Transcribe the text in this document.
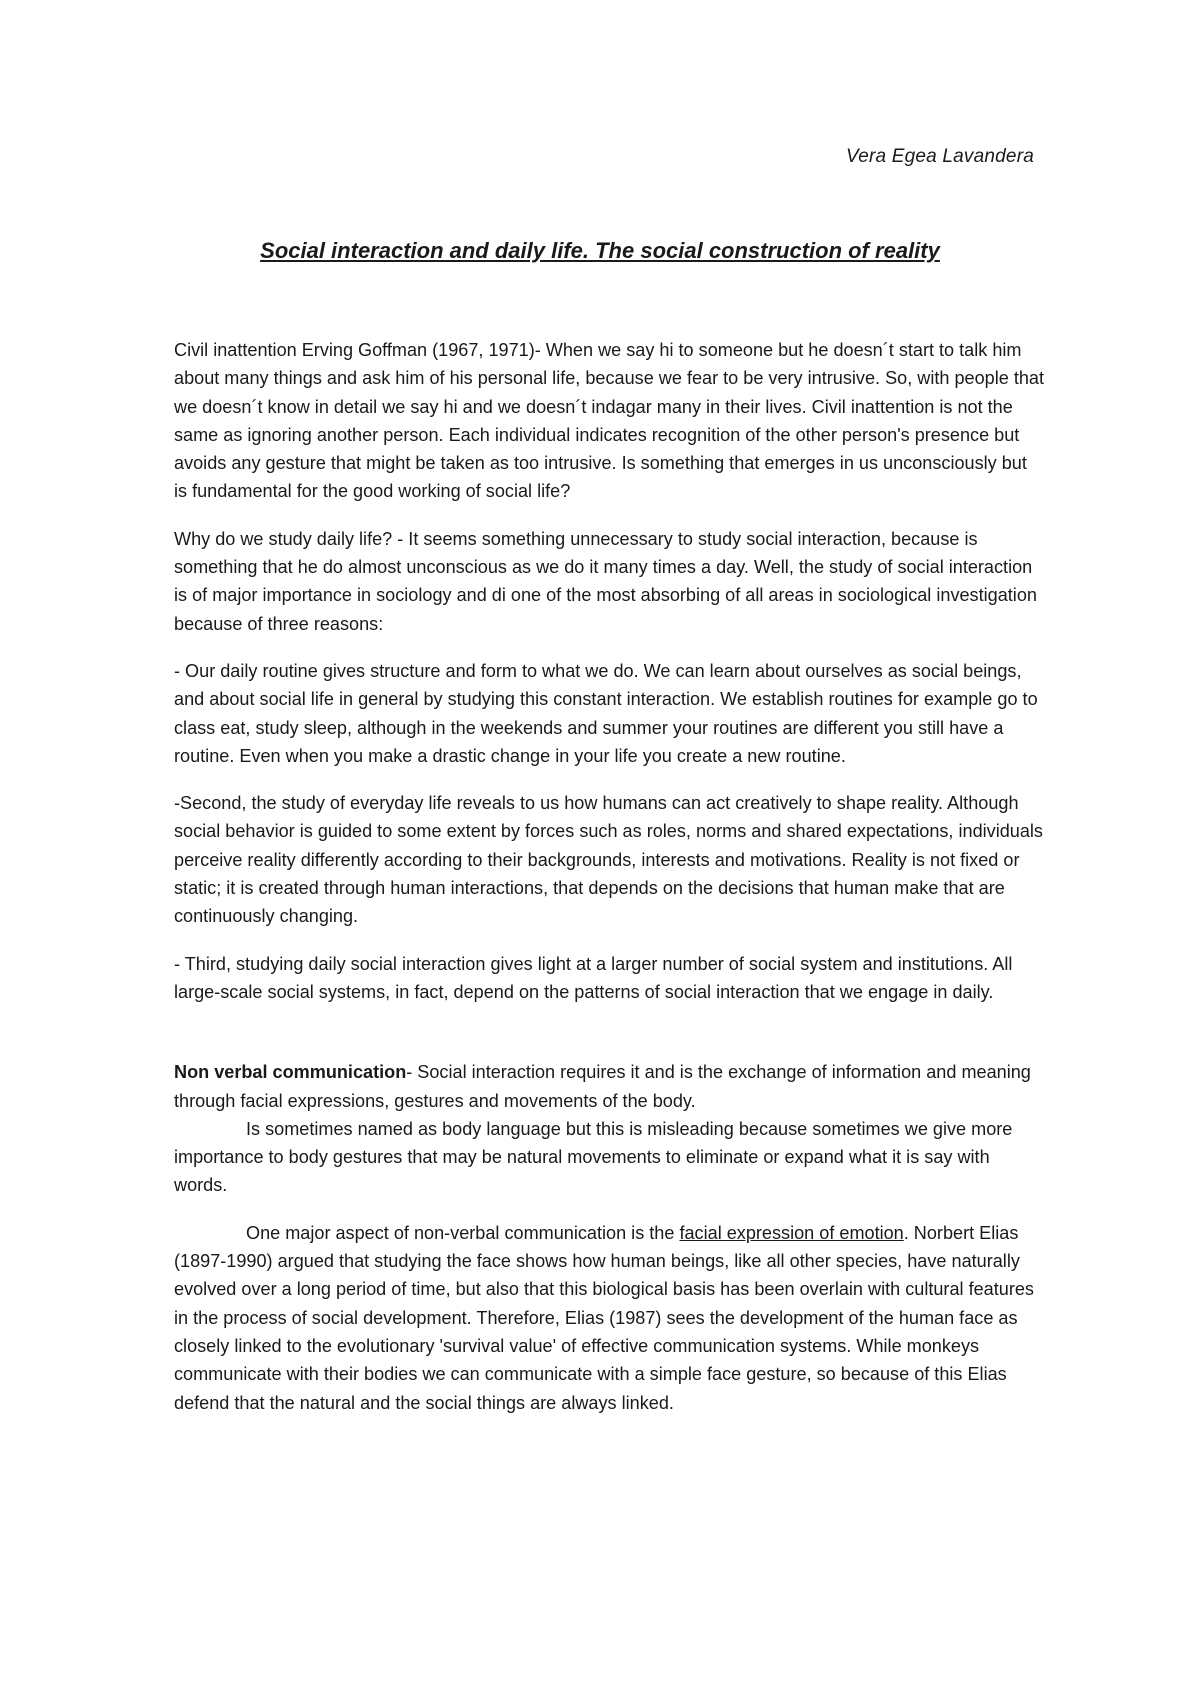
Vera Egea Lavandera
Social interaction and daily life. The social construction of reality

Civil inattention Erving Goffman (1967, 1971)- When we say hi to someone but he doesn´t start to talk him about many things and ask him of his personal life, because we fear to be very intrusive. So, with people that we doesn´t know in detail we say hi and we doesn´t indagar many in their lives. Civil inattention is not the same as ignoring another person. Each individual indicates recognition of the other person's presence but avoids any gesture that might be taken as too intrusive. Is something that emerges in us unconsciously but is fundamental for the good working of social life?

Why do we study daily life? - It seems something unnecessary to study social interaction, because is something that he do almost unconscious as we do it many times a day. Well, the study of social interaction is of major importance in sociology and di one of the most absorbing of all areas in sociological investigation because of three reasons:

- Our daily routine gives structure and form to what we do. We can learn about ourselves as social beings, and about social life in general by studying this constant interaction. We establish routines for example go to class eat, study sleep, although in the weekends and summer your routines are different you still have a routine. Even when you make a drastic change in your life you create a new routine.

-Second, the study of everyday life reveals to us how humans can act creatively to shape reality. Although social behavior is guided to some extent by forces such as roles, norms and shared expectations, individuals perceive reality differently according to their backgrounds, interests and motivations. Reality is not fixed or static; it is created through human interactions, that depends on the decisions that human make that are continuously changing.

- Third, studying daily social interaction gives light at a larger number of social system and institutions. All large-scale social systems, in fact, depend on the patterns of social interaction that we engage in daily.

Non verbal communication- Social interaction requires it and is the exchange of information and meaning through facial expressions, gestures and movements of the body.

Is sometimes named as body language but this is misleading because sometimes we give more importance to body gestures that may be natural movements to eliminate or expand what it is say with words.

One major aspect of non-verbal communication is the facial expression of emotion. Norbert Elias (1897-1990) argued that studying the face shows how human beings, like all other species, have naturally evolved over a long period of time, but also that this biological basis has been overlain with cultural features in the process of social development. Therefore, Elias (1987) sees the development of the human face as closely linked to the evolutionary 'survival value' of effective communication systems. While monkeys communicate with their bodies we can communicate with a simple face gesture, so because of this Elias defend that the natural and the social things are always linked.
